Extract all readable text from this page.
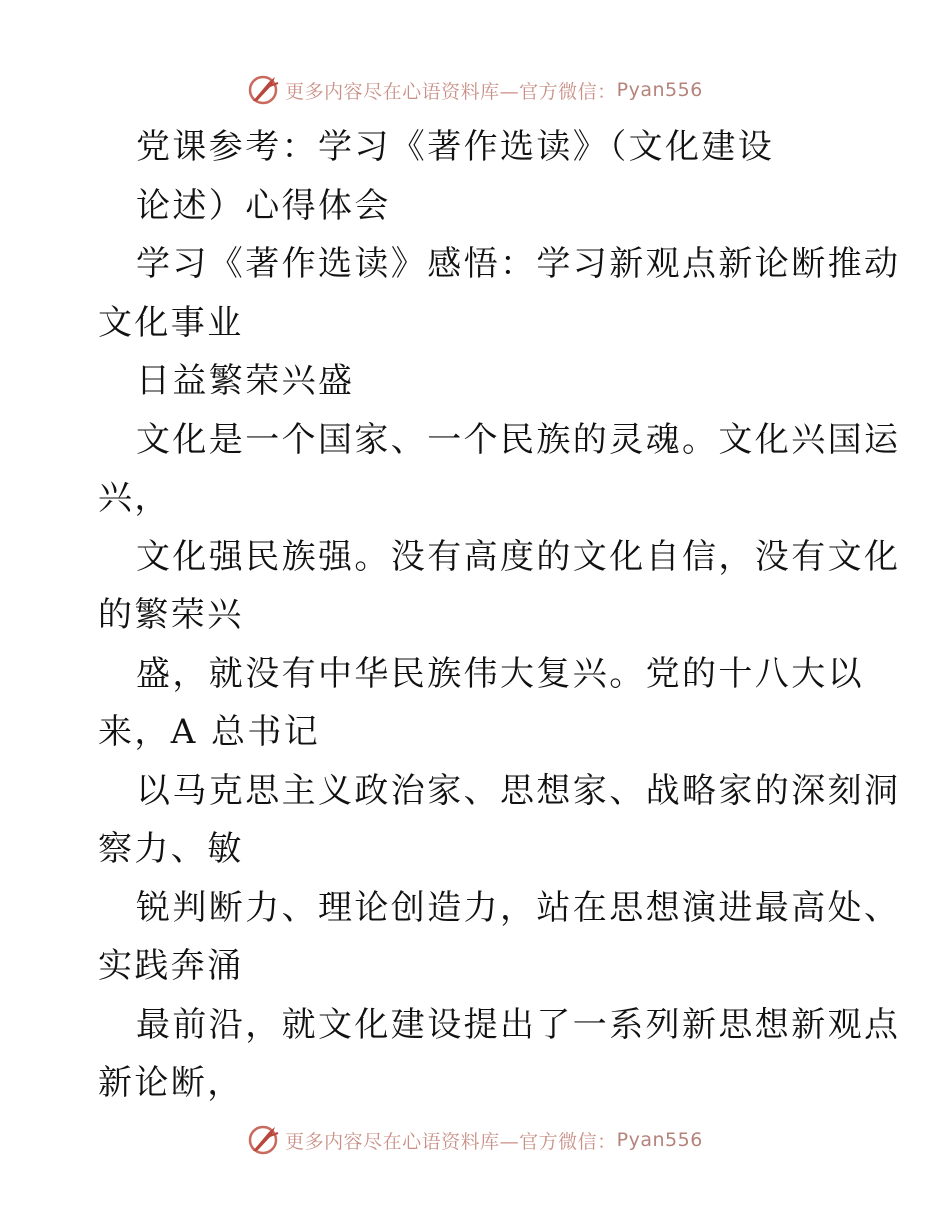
更多内容尽在心语资料库—官方微信： Pyan556
党课参考：学习《著作选读》（文化建设
论述）心得体会
学习《著作选读》感悟：学习新观点新论断推动
文化事业
日益繁荣兴盛
文化是一个国家、一个民族的灵魂。文化兴国运
兴，
文化强民族强。没有高度的文化自信，没有文化
的繁荣兴
盛，就没有中华民族伟大复兴。党的十八大以
来，A 总书记
以马克思主义政治家、思想家、战略家的深刻洞
察力、敏
锐判断力、理论创造力，站在思想演进最高处、
实践奔涌
最前沿，就文化建设提出了一系列新思想新观点
新论断，
更多内容尽在心语资料库—官方微信： Pyan556
